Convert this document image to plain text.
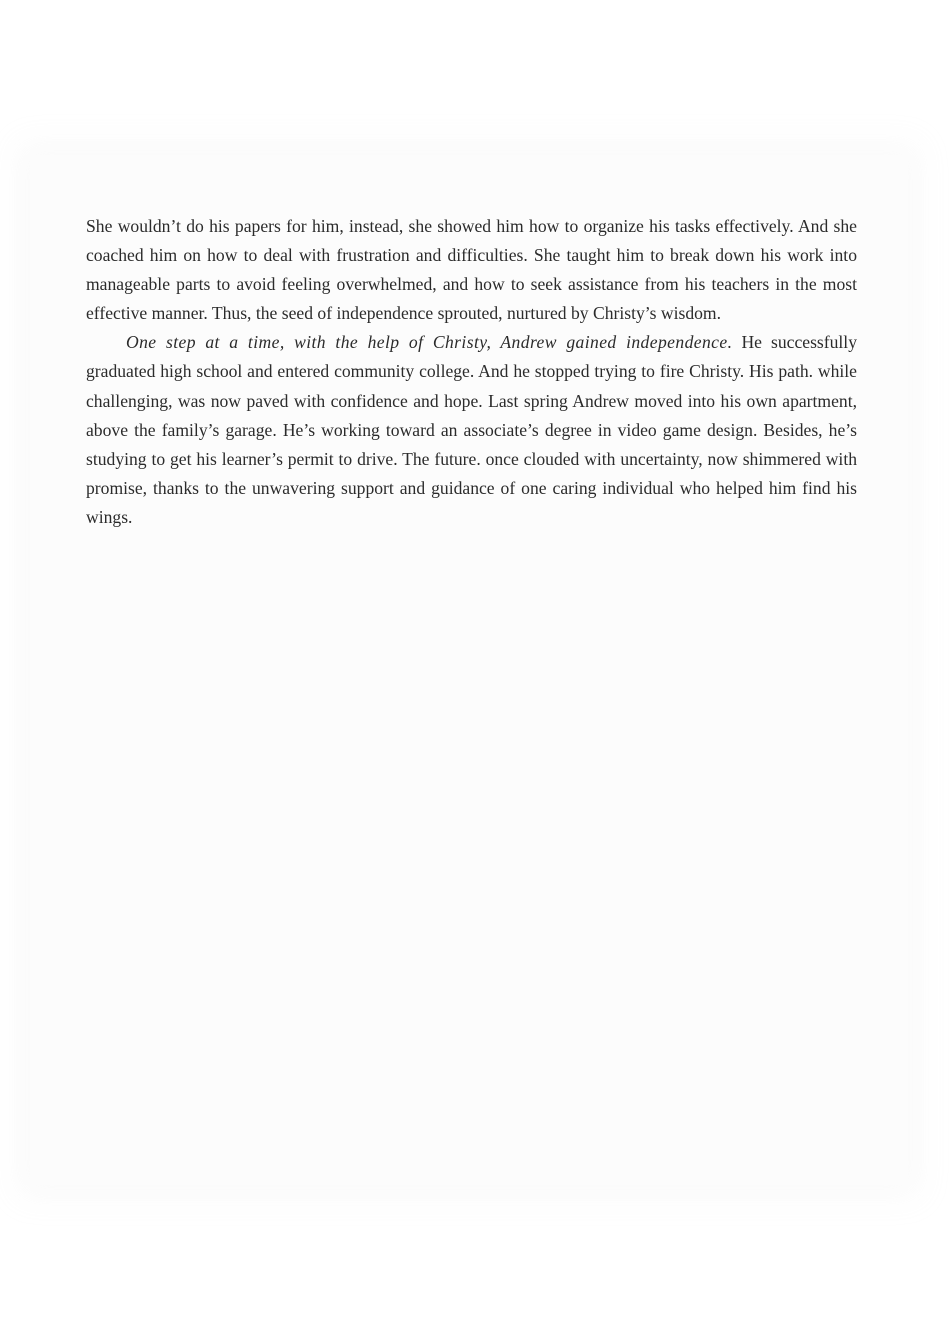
She wouldn’t do his papers for him, instead, she showed him how to organize his tasks effectively. And she coached him on how to deal with frustration and difficulties. She taught him to break down his work into manageable parts to avoid feeling overwhelmed, and how to seek assistance from his teachers in the most effective manner. Thus, the seed of independence sprouted, nurtured by Christy’s wisdom.

One step at a time, with the help of Christy, Andrew gained independence. He successfully graduated high school and entered community college. And he stopped trying to fire Christy. His path. while challenging, was now paved with confidence and hope. Last spring Andrew moved into his own apartment, above the family’s garage. He’s working toward an associate’s degree in video game design. Besides, he’s studying to get his learner’s permit to drive. The future. once clouded with uncertainty, now shimmered with promise, thanks to the unwavering support and guidance of one caring individual who helped him find his wings.
